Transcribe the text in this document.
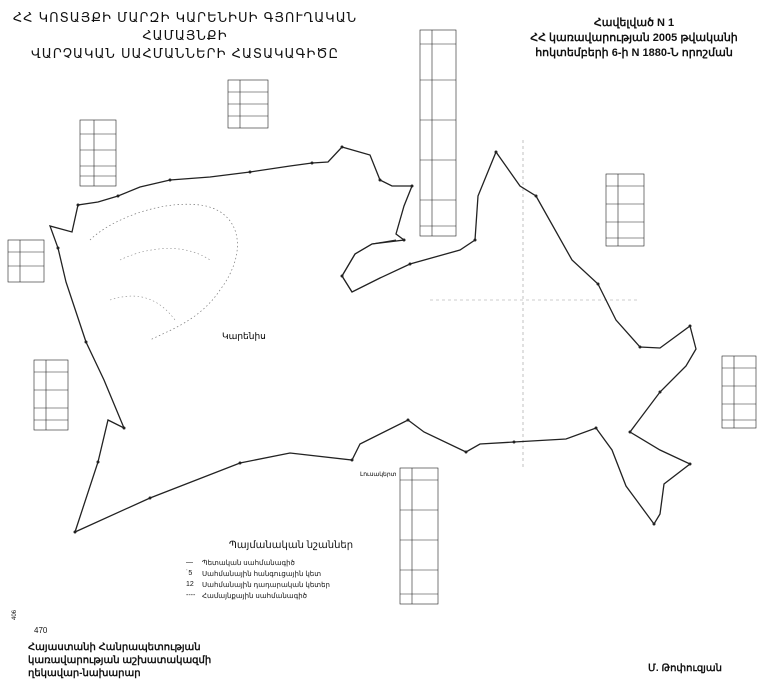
ՀՀ ԿՈՏԱՅՔԻ ՄԱՐԶԻ ԿԱՐԵՆԻՍԻ ԳՅՈՒՂԱԿԱՆ ՀԱՄԱՅՆՔԻ
ՎԱՐՉԱԿԱՆ ՍԱՀՄԱՆՆԵՐԻ ՀԱՏԱԿԱԳԻԾԸ
Հավելված N 1
ՀՀ կառավարության 2005 թվականի
հոկտեմբերի 6-ի N 1880-Ն որոշման
Կարենիս
Լուսակերտ
Պայմանական նշաններ
—	Պետական սահմանագիծ
˙5	Սահմանային հանգուցային կետ
12	Սահմանային դադարական կետեր
---- Համայնքային սահմանագիծ
406
470
Հայաստանի Հանրապետության
կառավարության աշխատակազմի
ղեկավար-նախարար	Մ. Թոփուզյան
